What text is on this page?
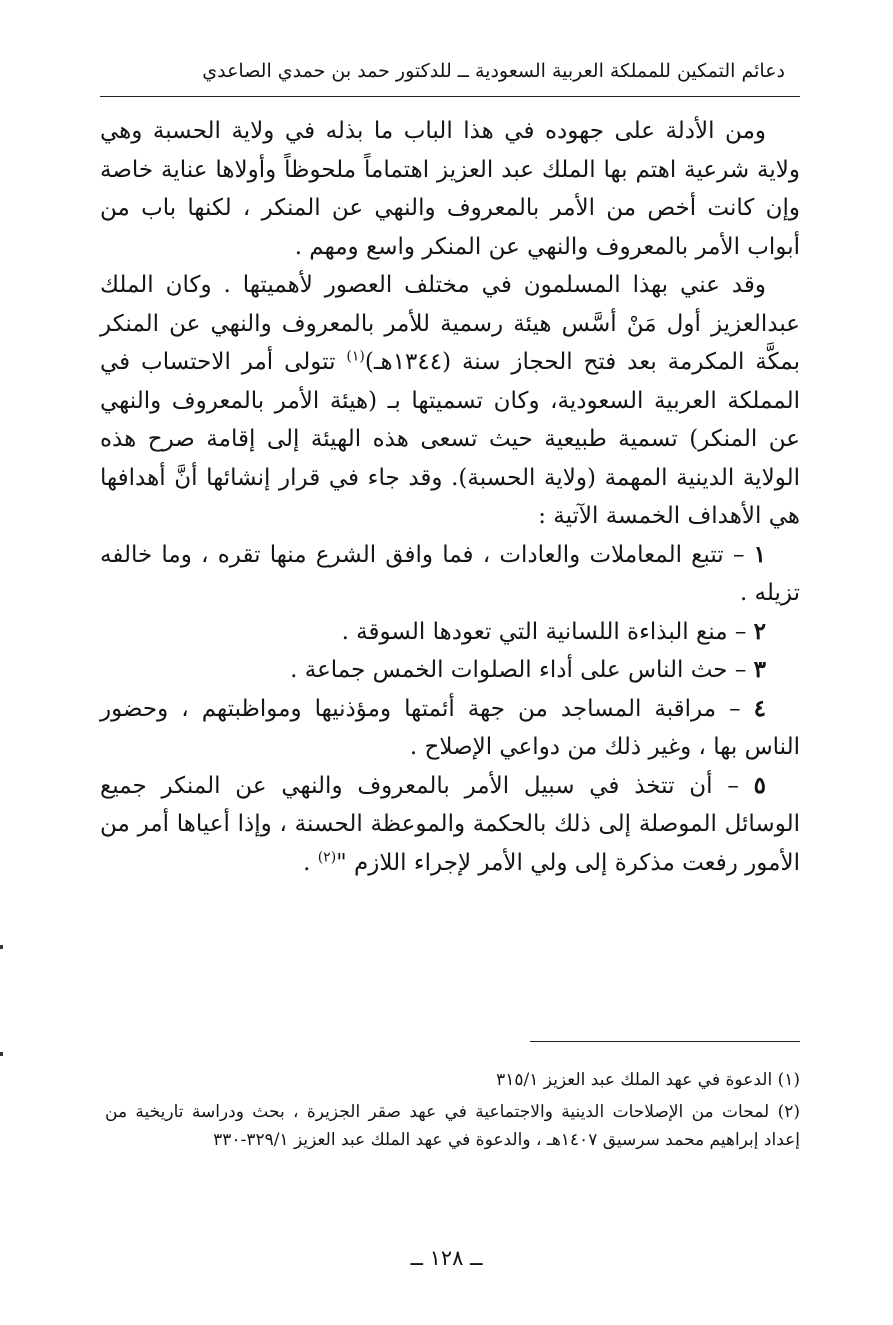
دعائم التمكين للمملكة العربية السعودية ــ للدكتور حمد بن حمدي الصاعدي

ومن الأدلة على جهوده في هذا الباب ما بذله في ولاية الحسبة وهي ولاية شرعية اهتم بها الملك عبد العزيز اهتماماً ملحوظاً وأولاها عناية خاصة وإن كانت أخص من الأمر بالمعروف والنهي عن المنكر ، لكنها باب من أبواب الأمر بالمعروف والنهي عن المنكر واسع ومهم .

وقد عني بهذا المسلمون في مختلف العصور لأهميتها . وكان الملك عبدالعزيز أول مَنْ أسَّس هيئة رسمية للأمر بالمعروف والنهي عن المنكر بمكَّة المكرمة بعد فتح الحجاز سنة (١٣٤٤هـ)$^{(١)}$ تتولى أمر الاحتساب في المملكة العربية السعودية، وكان تسميتها بـ (هيئة الأمر بالمعروف والنهي عن المنكر) تسمية طبيعية حيث تسعى هذه الهيئة إلى إقامة صرح هذه الولاية الدينية المهمة (ولاية الحسبة). وقد جاء في قرار إنشائها أنَّ أهدافها هي الأهداف الخمسة الآتية :

١ – تتبع المعاملات والعادات ، فما وافق الشرع منها تقره ، وما خالفه تزيله .

٢ – منع البذاءة اللسانية التي تعودها السوقة .

٣ – حث الناس على أداء الصلوات الخمس جماعة .

٤ – مراقبة المساجد من جهة أئمتها ومؤذنيها ومواظبتهم ، وحضور الناس بها ، وغير ذلك من دواعي الإصلاح .

٥ – أن تتخذ في سبيل الأمر بالمعروف والنهي عن المنكر جميع الوسائل الموصلة إلى ذلك بالحكمة والموعظة الحسنة ، وإذا أعياها أمر من الأمور رفعت مذكرة إلى ولي الأمر لإجراء اللازم "$^{(٢)}$ .

(١) الدعوة في عهد الملك عبد العزيز ٣١٥/١

(٢) لمحات من الإصلاحات الدينية والاجتماعية في عهد صقر الجزيرة ، بحث ودراسة تاريخية من إعداد إبراهيم محمد سرسيق ١٤٠٧هـ ، والدعوة في عهد الملك عبد العزيز ٣٢٩/١-٣٣٠

ــ ١٢٨ ــ
